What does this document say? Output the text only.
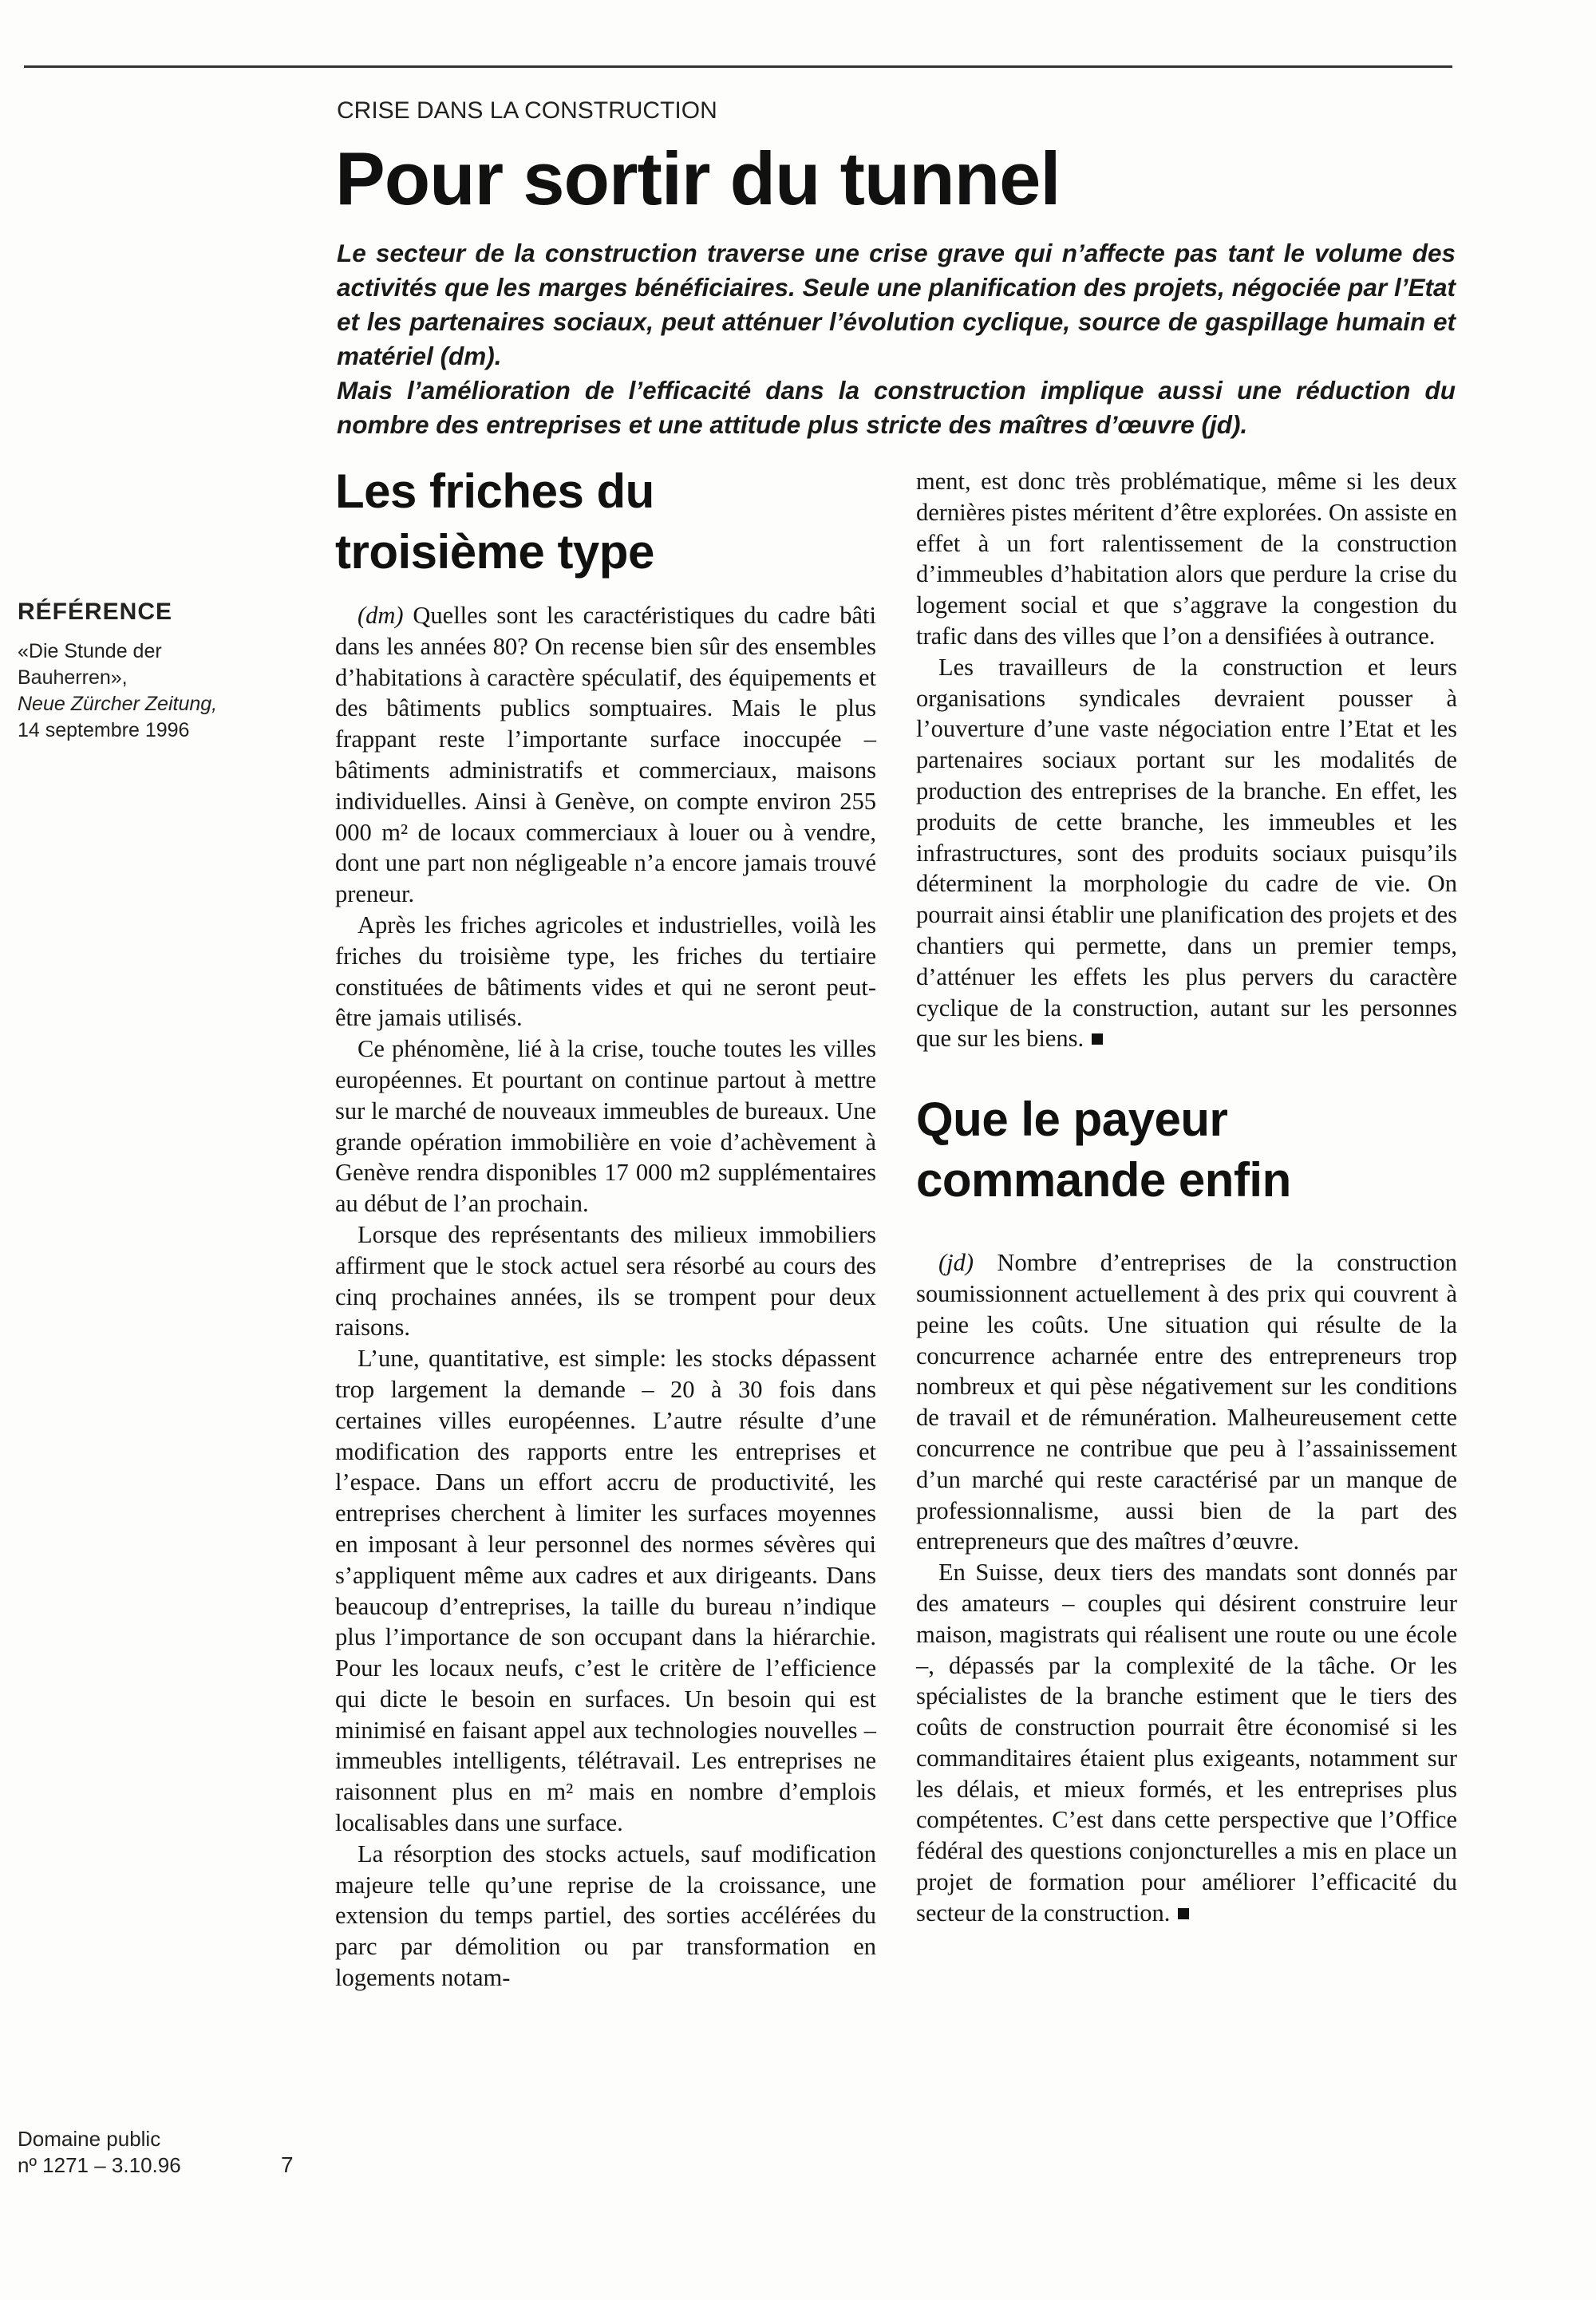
CRISE DANS LA CONSTRUCTION
Pour sortir du tunnel

Le secteur de la construction traverse une crise grave qui n’affecte pas tant le volume des activités que les marges bénéficiaires. Seule une planification des projets, négociée par l’Etat et les partenaires sociaux, peut atténuer l’évolution cyclique, source de gaspillage humain et matériel (dm).

Mais l’amélioration de l’efficacité dans la construction implique aussi une réduction du nombre des entreprises et une attitude plus stricte des maîtres d’œuvre (jd).

RÉFÉRENCE
«Die Stunde der
Bauherren»,
Neue Zürcher Zeitung,
14 septembre 1996
Domaine public
nº 1271 – 3.10.96	7
Les friches du
troisième type

(dm) Quelles sont les caractéristiques du cadre bâti dans les années 80? On recense bien sûr des ensembles d’habitations à caractère spéculatif, des équipements et des bâtiments publics somptuaires. Mais le plus frappant reste l’importante surface inoccupée – bâtiments administratifs et commerciaux, maisons individuelles. Ainsi à Genève, on compte environ 255 000 m² de locaux commerciaux à louer ou à vendre, dont une part non négligeable n’a encore jamais trouvé preneur.

Après les friches agricoles et industrielles, voilà les friches du troisième type, les friches du tertiaire constituées de bâtiments vides et qui ne seront peut-être jamais utilisés.

Ce phénomène, lié à la crise, touche toutes les villes européennes. Et pourtant on continue partout à mettre sur le marché de nouveaux immeubles de bureaux. Une grande opération immobilière en voie d’achèvement à Genève rendra disponibles 17 000 m2 supplémentaires au début de l’an prochain.

Lorsque des représentants des milieux immobiliers affirment que le stock actuel sera résorbé au cours des cinq prochaines années, ils se trompent pour deux raisons.

L’une, quantitative, est simple: les stocks dépassent trop largement la demande – 20 à 30 fois dans certaines villes européennes. L’autre résulte d’une modification des rapports entre les entreprises et l’espace. Dans un effort accru de productivité, les entreprises cherchent à limiter les surfaces moyennes en imposant à leur personnel des normes sévères qui s’appliquent même aux cadres et aux dirigeants. Dans beaucoup d’entreprises, la taille du bureau n’indique plus l’importance de son occupant dans la hiérarchie. Pour les locaux neufs, c’est le critère de l’efficience qui dicte le besoin en surfaces. Un besoin qui est minimisé en faisant appel aux technologies nouvelles – immeubles intelligents, télétravail. Les entreprises ne raisonnent plus en m² mais en nombre d’emplois localisables dans une surface.

La résorption des stocks actuels, sauf modification majeure telle qu’une reprise de la croissance, une extension du temps partiel, des sorties accélérées du parc par démolition ou par transformation en logements notam-

ment, est donc très problématique, même si les deux dernières pistes méritent d’être explorées. On assiste en effet à un fort ralentissement de la construction d’immeubles d’habitation alors que perdure la crise du logement social et que s’aggrave la congestion du trafic dans des villes que l’on a densifiées à outrance.

Les travailleurs de la construction et leurs organisations syndicales devraient pousser à l’ouverture d’une vaste négociation entre l’Etat et les partenaires sociaux portant sur les modalités de production des entreprises de la branche. En effet, les produits de cette branche, les immeubles et les infrastructures, sont des produits sociaux puisqu’ils déterminent la morphologie du cadre de vie. On pourrait ainsi établir une planification des projets et des chantiers qui permette, dans un premier temps, d’atténuer les effets les plus pervers du caractère cyclique de la construction, autant sur les personnes que sur les biens.

Que le payeur
commande enfin

(jd) Nombre d’entreprises de la construction soumissionnent actuellement à des prix qui couvrent à peine les coûts. Une situation qui résulte de la concurrence acharnée entre des entrepreneurs trop nombreux et qui pèse négativement sur les conditions de travail et de rémunération. Malheureusement cette concurrence ne contribue que peu à l’assainissement d’un marché qui reste caractérisé par un manque de professionnalisme, aussi bien de la part des entrepreneurs que des maîtres d’œuvre.

En Suisse, deux tiers des mandats sont donnés par des amateurs – couples qui désirent construire leur maison, magistrats qui réalisent une route ou une école –, dépassés par la complexité de la tâche. Or les spécialistes de la branche estiment que le tiers des coûts de construction pourrait être économisé si les commanditaires étaient plus exigeants, notamment sur les délais, et mieux formés, et les entreprises plus compétentes. C’est dans cette perspective que l’Office fédéral des questions conjoncturelles a mis en place un projet de formation pour améliorer l’efficacité du secteur de la construction.
